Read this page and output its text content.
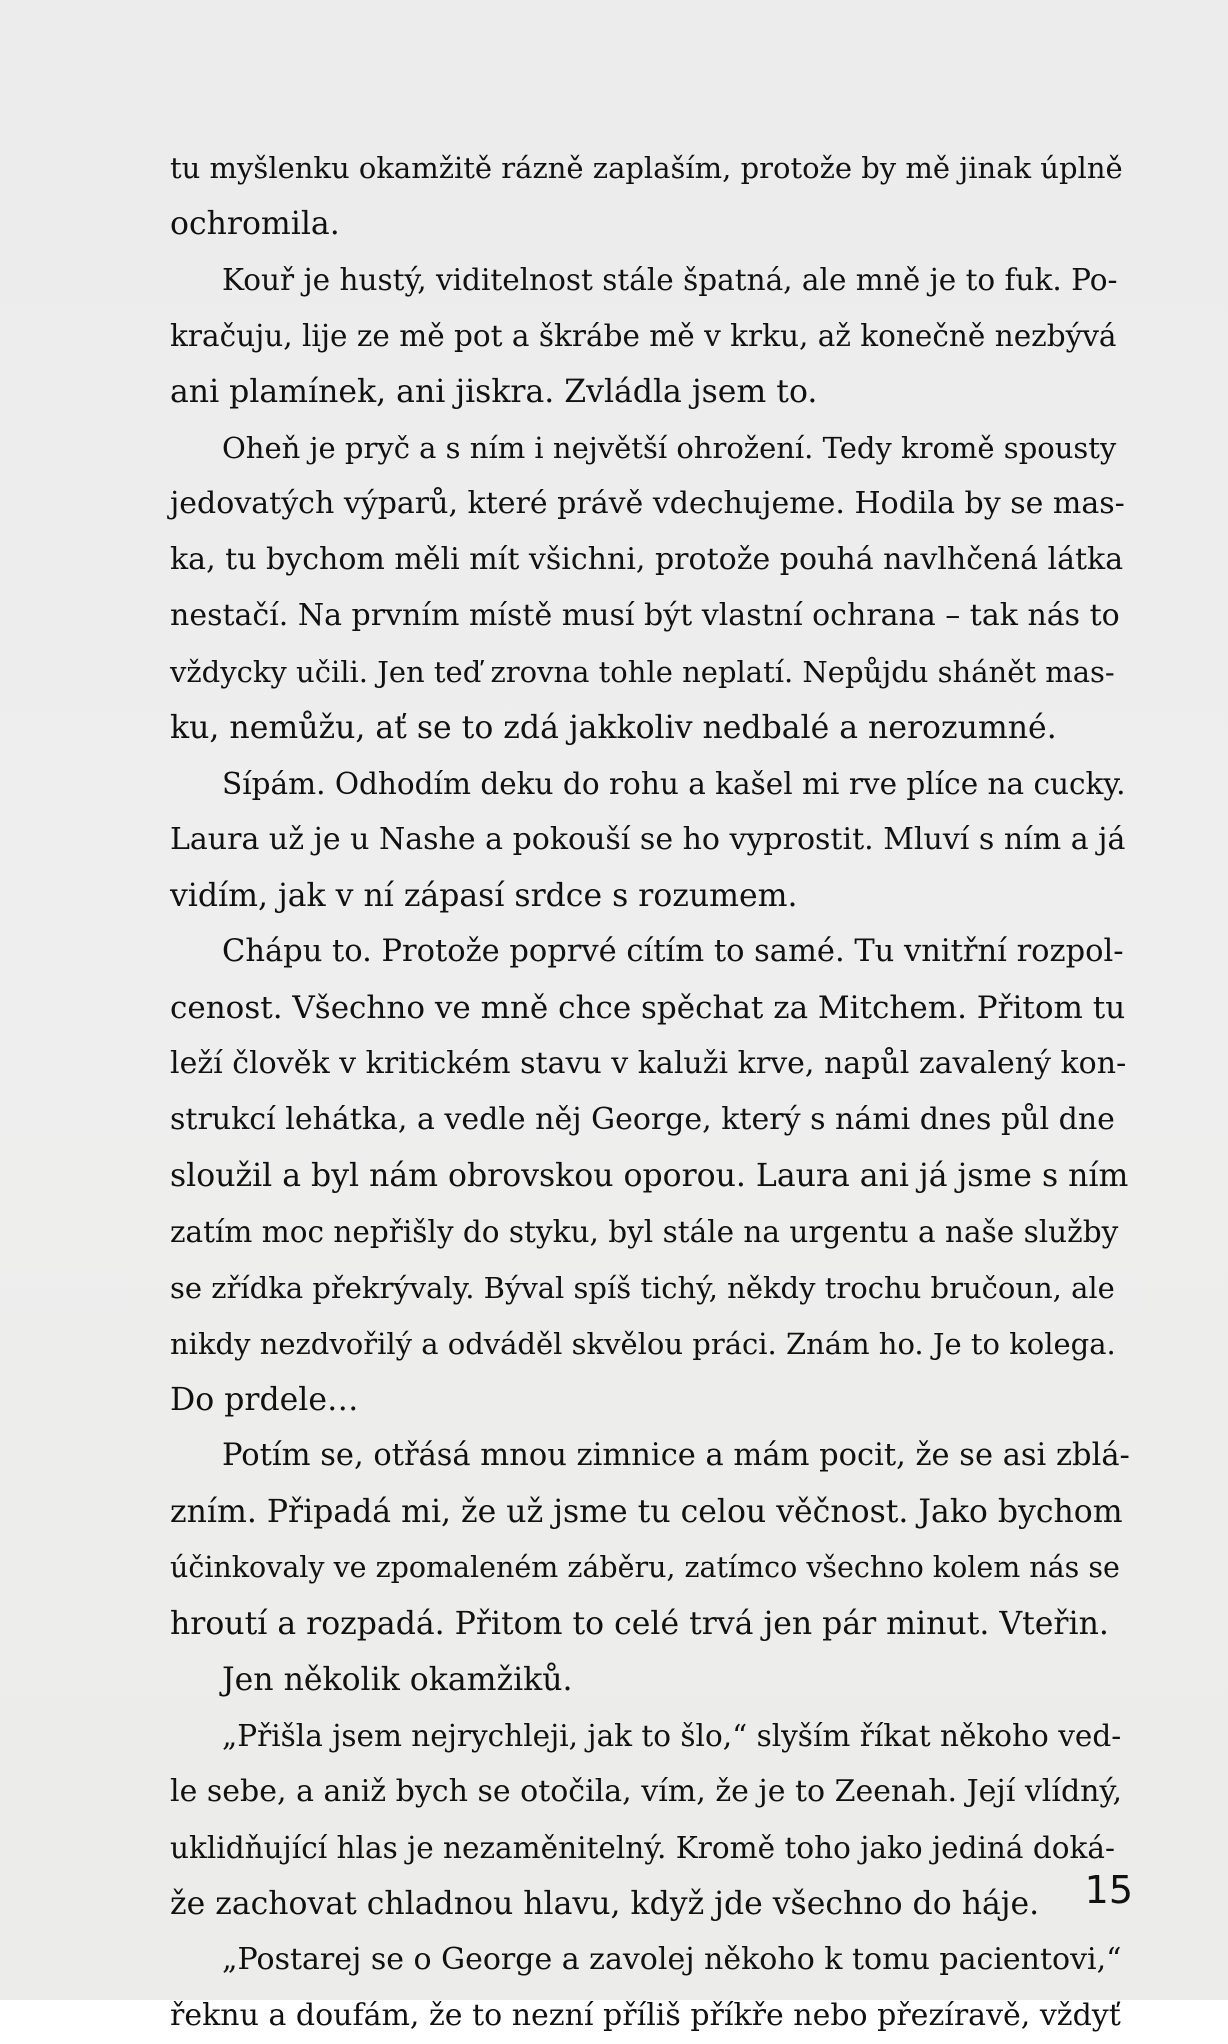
tu myšlenku okamžitě rázně zaplaším, protože by mě jinak úplně
ochromila.
Kouř je hustý, viditelnost stále špatná, ale mně je to fuk. Po-
kračuju, lije ze mě pot a škrábe mě v krku, až konečně nezbývá
ani plamínek, ani jiskra. Zvládla jsem to.
Oheň je pryč a s ním i největší ohrožení. Tedy kromě spousty
jedovatých výparů, které právě vdechujeme. Hodila by se mas-
ka, tu bychom měli mít všichni, protože pouhá navlhčená látka
nestačí. Na prvním místě musí být vlastní ochrana – tak nás to
vždycky učili. Jen teď zrovna tohle neplatí. Nepůjdu shánět mas-
ku, nemůžu, ať se to zdá jakkoliv nedbalé a nerozumné.
Sípám. Odhodím deku do rohu a kašel mi rve plíce na cucky.
Laura už je u Nashe a pokouší se ho vyprostit. Mluví s ním a já
vidím, jak v ní zápasí srdce s rozumem.
Chápu to. Protože poprvé cítím to samé. Tu vnitřní rozpol-
cenost. Všechno ve mně chce spěchat za Mitchem. Přitom tu
leží člověk v kritickém stavu v kaluži krve, napůl zavalený kon-
strukcí lehátka, a vedle něj George, který s námi dnes půl dne
sloužil a byl nám obrovskou oporou. Laura ani já jsme s ním
zatím moc nepřišly do styku, byl stále na urgentu a naše služby
se zřídka překrývaly. Býval spíš tichý, někdy trochu bručoun, ale
nikdy nezdvořilý a odváděl skvělou práci. Znám ho. Je to kolega.
Do prdele…
Potím se, otřásá mnou zimnice a mám pocit, že se asi zblá-
zním. Připadá mi, že už jsme tu celou věčnost. Jako bychom
účinkovaly ve zpomaleném záběru, zatímco všechno kolem nás se
hroutí a rozpadá. Přitom to celé trvá jen pár minut. Vteřin.
Jen několik okamžiků.
„Přišla jsem nejrychleji, jak to šlo,“ slyším říkat někoho ved-
le sebe, a aniž bych se otočila, vím, že je to Zeenah. Její vlídný,
uklidňující hlas je nezaměnitelný. Kromě toho jako jediná doká-
že zachovat chladnou hlavu, když jde všechno do háje.
„Postarej se o George a zavolej někoho k tomu pacientovi,“
řeknu a doufám, že to nezní příliš příkře nebo přezíravě, vždyť
15
